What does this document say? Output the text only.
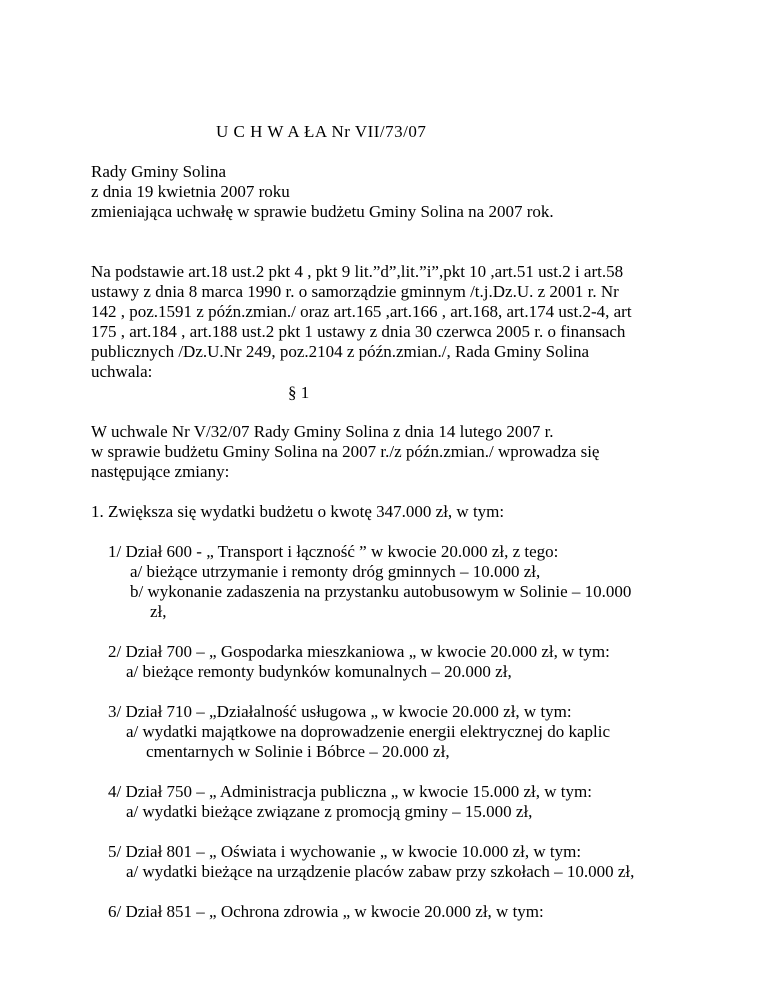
U C H W A ŁA Nr VII/73/07
Rady Gminy Solina
z dnia 19 kwietnia 2007 roku
zmieniająca uchwałę w sprawie budżetu Gminy Solina na 2007 rok.
Na podstawie art.18 ust.2 pkt 4 , pkt 9 lit.”d”,lit.”i”,pkt 10 ,art.51 ust.2 i art.58
ustawy z dnia 8 marca 1990 r. o samorządzie gminnym /t.j.Dz.U. z 2001 r. Nr
142 , poz.1591 z późn.zmian./ oraz art.165 ,art.166 , art.168, art.174 ust.2-4, art
175 , art.184 , art.188 ust.2 pkt 1 ustawy z dnia 30 czerwca 2005 r. o finansach
publicznych /Dz.U.Nr 249, poz.2104 z późn.zmian./, Rada Gminy Solina
uchwala:
§ 1
W uchwale Nr V/32/07 Rady Gminy Solina z dnia 14 lutego 2007 r.
w sprawie budżetu Gminy Solina na 2007 r./z późn.zmian./ wprowadza się
następujące zmiany:
1. Zwiększa się wydatki budżetu o kwotę 347.000 zł, w tym:
1/ Dział 600 - „ Transport i łączność ” w kwocie 20.000 zł, z tego:
a/ bieżące utrzymanie i remonty dróg gminnych – 10.000 zł,
b/ wykonanie zadaszenia na przystanku autobusowym w Solinie – 10.000
zł,
2/ Dział 700 – „ Gospodarka mieszkaniowa „ w kwocie 20.000 zł, w tym:
a/ bieżące remonty budynków komunalnych – 20.000 zł,
3/ Dział 710 – „Działalność usługowa „ w kwocie 20.000 zł, w tym:
a/ wydatki majątkowe na doprowadzenie energii elektrycznej do kaplic
cmentarnych w Solinie i Bóbrce – 20.000 zł,
4/ Dział 750 – „ Administracja publiczna „ w kwocie 15.000 zł, w tym:
a/ wydatki bieżące związane z promocją gminy – 15.000 zł,
5/ Dział 801 – „ Oświata i wychowanie „ w kwocie 10.000 zł, w tym:
a/ wydatki bieżące na urządzenie placów zabaw przy szkołach – 10.000 zł,
6/ Dział 851 – „ Ochrona zdrowia „ w kwocie 20.000 zł, w tym:
